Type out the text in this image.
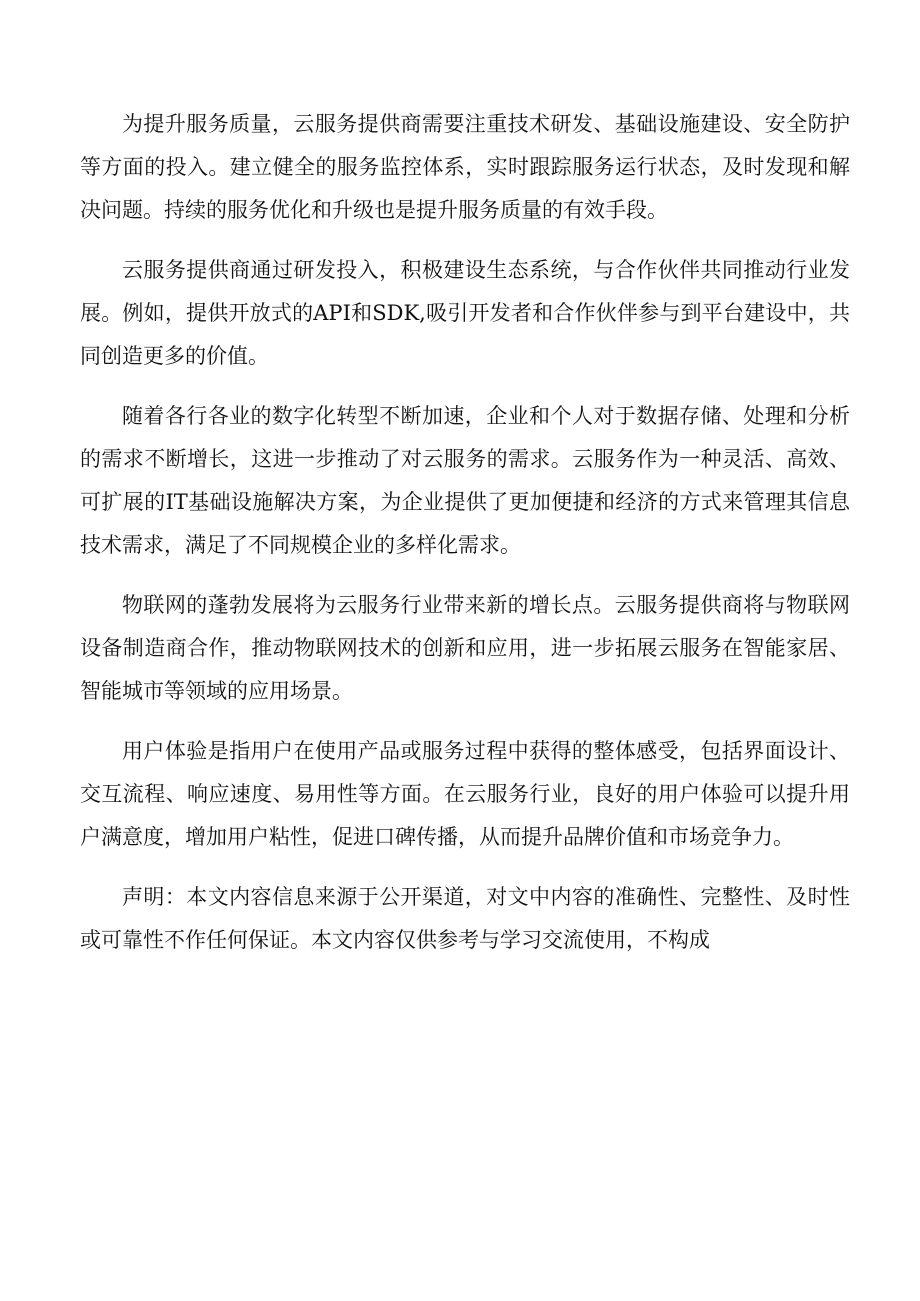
为提升服务质量，云服务提供商需要注重技术研发、基础设施建设、安全防护等方面的投入。建立健全的服务监控体系，实时跟踪服务运行状态，及时发现和解决问题。持续的服务优化和升级也是提升服务质量的有效手段。

云服务提供商通过研发投入，积极建设生态系统，与合作伙伴共同推动行业发展。例如，提供开放式的API和SDK,吸引开发者和合作伙伴参与到平台建设中，共同创造更多的价值。

随着各行各业的数字化转型不断加速，企业和个人对于数据存储、处理和分析的需求不断增长，这进一步推动了对云服务的需求。云服务作为一种灵活、高效、可扩展的IT基础设施解决方案，为企业提供了更加便捷和经济的方式来管理其信息技术需求，满足了不同规模企业的多样化需求。

物联网的蓬勃发展将为云服务行业带来新的增长点。云服务提供商将与物联网设备制造商合作，推动物联网技术的创新和应用，进一步拓展云服务在智能家居、智能城市等领域的应用场景。

用户体验是指用户在使用产品或服务过程中获得的整体感受，包括界面设计、交互流程、响应速度、易用性等方面。在云服务行业，良好的用户体验可以提升用户满意度，增加用户粘性，促进口碑传播，从而提升品牌价值和市场竞争力。

声明：本文内容信息来源于公开渠道，对文中内容的准确性、完整性、及时性或可靠性不作任何保证。本文内容仅供参考与学习交流使用，不构成
